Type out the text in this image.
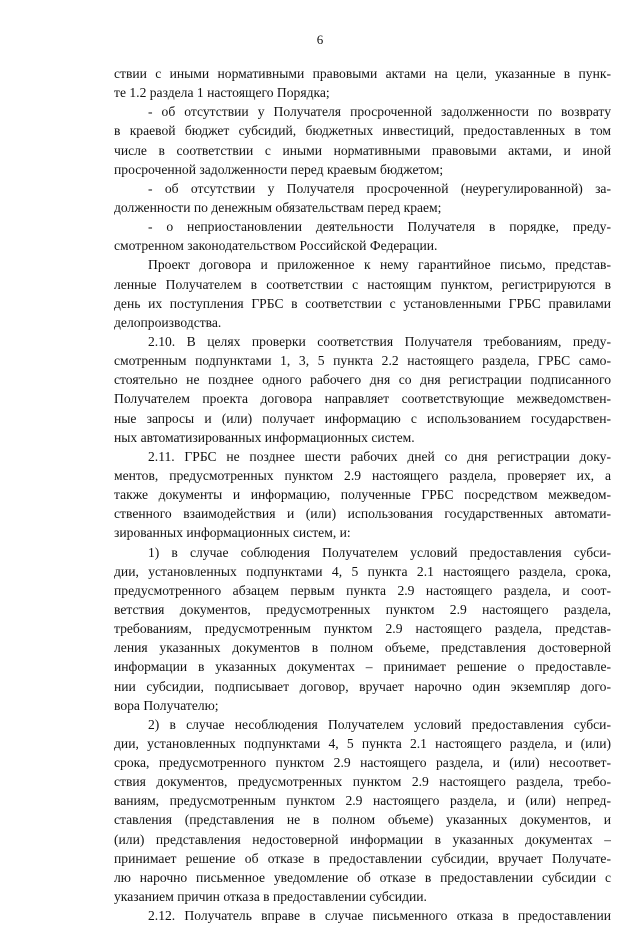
6
ствии с иными нормативными правовыми актами на цели, указанные в пунк-
те 1.2 раздела 1 настоящего Порядка;
- об отсутствии у Получателя просроченной задолженности по возврату
в краевой бюджет субсидий, бюджетных инвестиций, предоставленных в том
числе в соответствии с иными нормативными правовыми актами, и иной
просроченной задолженности перед краевым бюджетом;
- об отсутствии у Получателя просроченной (неурегулированной) за-
долженности по денежным обязательствам перед краем;
- о неприостановлении деятельности Получателя в порядке, преду-
смотренном законодательством Российской Федерации.
Проект договора и приложенное к нему гарантийное письмо, представ-
ленные Получателем в соответствии с настоящим пунктом, регистрируются в
день их поступления ГРБС в соответствии с установленными ГРБС правилами
делопроизводства.
2.10. В целях проверки соответствия Получателя требованиям, преду-
смотренным подпунктами 1, 3, 5 пункта 2.2 настоящего раздела, ГРБС само-
стоятельно не позднее одного рабочего дня со дня регистрации подписанного
Получателем проекта договора направляет соответствующие межведомствен-
ные запросы и (или) получает информацию с использованием государствен-
ных автоматизированных информационных систем.
2.11. ГРБС не позднее шести рабочих дней со дня регистрации доку-
ментов, предусмотренных пунктом 2.9 настоящего раздела, проверяет их, а
также документы и информацию, полученные ГРБС посредством межведом-
ственного взаимодействия и (или) использования государственных автомати-
зированных информационных систем, и:
1) в случае соблюдения Получателем условий предоставления субси-
дии, установленных подпунктами 4, 5 пункта 2.1 настоящего раздела, срока,
предусмотренного абзацем первым пункта 2.9 настоящего раздела, и соот-
ветствия документов, предусмотренных пунктом 2.9 настоящего раздела,
требованиям, предусмотренным пунктом 2.9 настоящего раздела, представ-
ления указанных документов в полном объеме, представления достоверной
информации в указанных документах – принимает решение о предоставле-
нии субсидии, подписывает договор, вручает нарочно один экземпляр дого-
вора Получателю;
2) в случае несоблюдения Получателем условий предоставления субси-
дии, установленных подпунктами 4, 5 пункта 2.1 настоящего раздела, и (или)
срока, предусмотренного пунктом 2.9 настоящего раздела, и (или) несоответ-
ствия документов, предусмотренных пунктом 2.9 настоящего раздела, требо-
ваниям, предусмотренным пунктом 2.9 настоящего раздела, и (или) непред-
ставления (представления не в полном объеме) указанных документов, и
(или) представления недостоверной информации в указанных документах –
принимает решение об отказе в предоставлении субсидии, вручает Получате-
лю нарочно письменное уведомление об отказе в предоставлении субсидии с
указанием причин отказа в предоставлении субсидии.
2.12. Получатель вправе в случае письменного отказа в предоставлении
